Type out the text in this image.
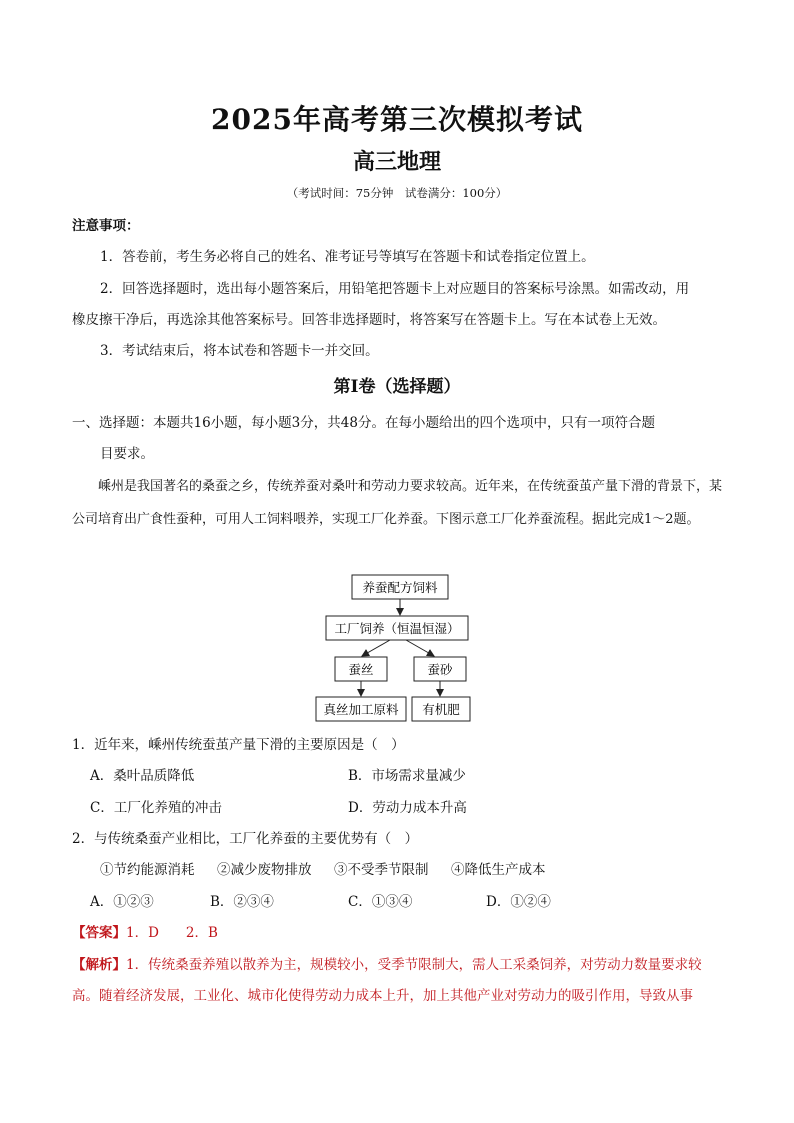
2025年高考第三次模拟考试
高三地理
（考试时间：75分钟　试卷满分：100分）
注意事项：
1．答卷前，考生务必将自己的姓名、准考证号等填写在答题卡和试卷指定位置上。
2．回答选择题时，选出每小题答案后，用铅笔把答题卡上对应题目的答案标号涂黑。如需改动，用
橡皮擦干净后，再选涂其他答案标号。回答非选择题时，将答案写在答题卡上。写在本试卷上无效。
3．考试结束后，将本试卷和答题卡一并交回。
第Ⅰ卷（选择题）
一、选择题：本题共16小题，每小题3分，共48分。在每小题给出的四个选项中，只有一项符合题
目要求。
嵊州是我国著名的桑蚕之乡，传统养蚕对桑叶和劳动力要求较高。近年来，在传统蚕茧产量下滑的背景下，某公司培育出广食性蚕种，可用人工饲料喂养，实现工厂化养蚕。下图示意工厂化养蚕流程。据此完成1～2题。
养蚕配方饲料
工厂饲养（恒温恒湿）
蚕丝	蚕砂
真丝加工原料 有机肥
1．近年来，嵊州传统蚕茧产量下滑的主要原因是（　）
A．桑叶品质降低	B．市场需求量减少
C．工厂化养殖的冲击	D．劳动力成本升高
2．与传统桑蚕产业相比，工厂化养蚕的主要优势有（　）
①节约能源消耗 ②减少废物排放 ③不受季节限制 ④降低生产成本
A．①②③	B．②③④	C．①③④	D．①②④
【答案】1．D　　2．B
【解析】1．传统桑蚕养殖以散养为主，规模较小，受季节限制大，需人工采桑饲养，对劳动力数量要求较
高。随着经济发展，工业化、城市化使得劳动力成本上升，加上其他产业对劳动力的吸引作用，导致从事
